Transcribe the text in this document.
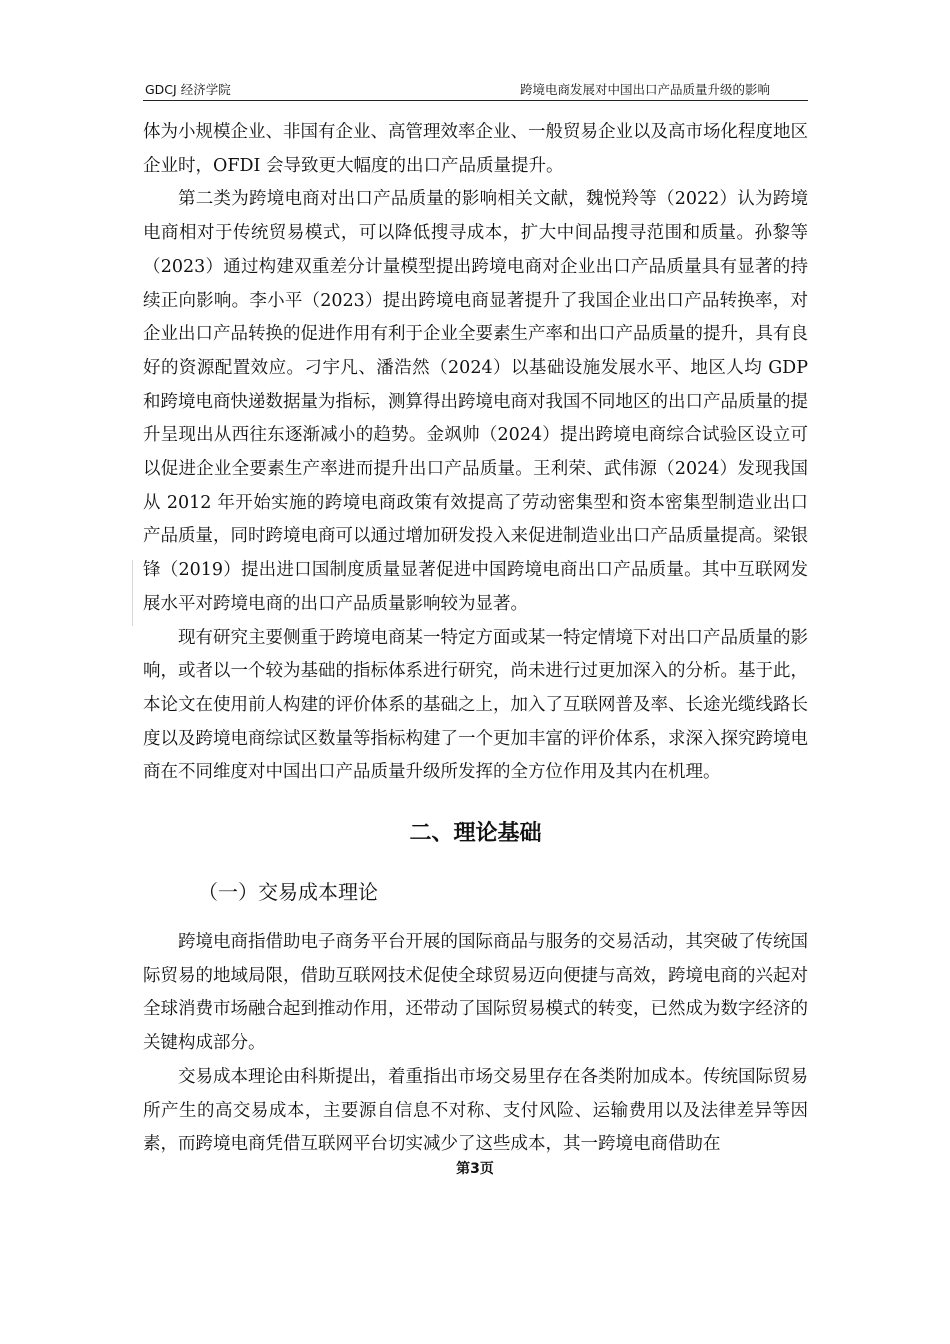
GDCJ 经济学院	跨境电商发展对中国出口产品质量升级的影响

体为小规模企业、非国有企业、高管理效率企业、一般贸易企业以及高市场化程度地区企业时，OFDI 会导致更大幅度的出口产品质量提升。

第二类为跨境电商对出口产品质量的影响相关文献，魏悦羚等（2022）认为跨境电商相对于传统贸易模式，可以降低搜寻成本，扩大中间品搜寻范围和质量。孙黎等（2023）通过构建双重差分计量模型提出跨境电商对企业出口产品质量具有显著的持续正向影响。李小平（2023）提出跨境电商显著提升了我国企业出口产品转换率，对企业出口产品转换的促进作用有利于企业全要素生产率和出口产品质量的提升，具有良好的资源配置效应。刁宇凡、潘浩然（2024）以基础设施发展水平、地区人均 GDP 和跨境电商快递数据量为指标，测算得出跨境电商对我国不同地区的出口产品质量的提升呈现出从西往东逐渐减小的趋势。金飒帅（2024）提出跨境电商综合试验区设立可以促进企业全要素生产率进而提升出口产品质量。王利荣、武伟源（2024）发现我国从 2012 年开始实施的跨境电商政策有效提高了劳动密集型和资本密集型制造业出口产品质量，同时跨境电商可以通过增加研发投入来促进制造业出口产品质量提高。梁银锋（2019）提出进口国制度质量显著促进中国跨境电商出口产品质量。其中互联网发展水平对跨境电商的出口产品质量影响较为显著。

现有研究主要侧重于跨境电商某一特定方面或某一特定情境下对出口产品质量的影响，或者以一个较为基础的指标体系进行研究，尚未进行过更加深入的分析。基于此，本论文在使用前人构建的评价体系的基础之上，加入了互联网普及率、长途光缆线路长度以及跨境电商综试区数量等指标构建了一个更加丰富的评价体系，求深入探究跨境电商在不同维度对中国出口产品质量升级所发挥的全方位作用及其内在机理。

二、理论基础
（一）交易成本理论

跨境电商指借助电子商务平台开展的国际商品与服务的交易活动，其突破了传统国际贸易的地域局限，借助互联网技术促使全球贸易迈向便捷与高效，跨境电商的兴起对全球消费市场融合起到推动作用，还带动了国际贸易模式的转变，已然成为数字经济的关键构成部分。

交易成本理论由科斯提出，着重指出市场交易里存在各类附加成本。传统国际贸易所产生的高交易成本，主要源自信息不对称、支付风险、运输费用以及法律差异等因素，而跨境电商凭借互联网平台切实减少了这些成本，其一跨境电商借助在

第3页
